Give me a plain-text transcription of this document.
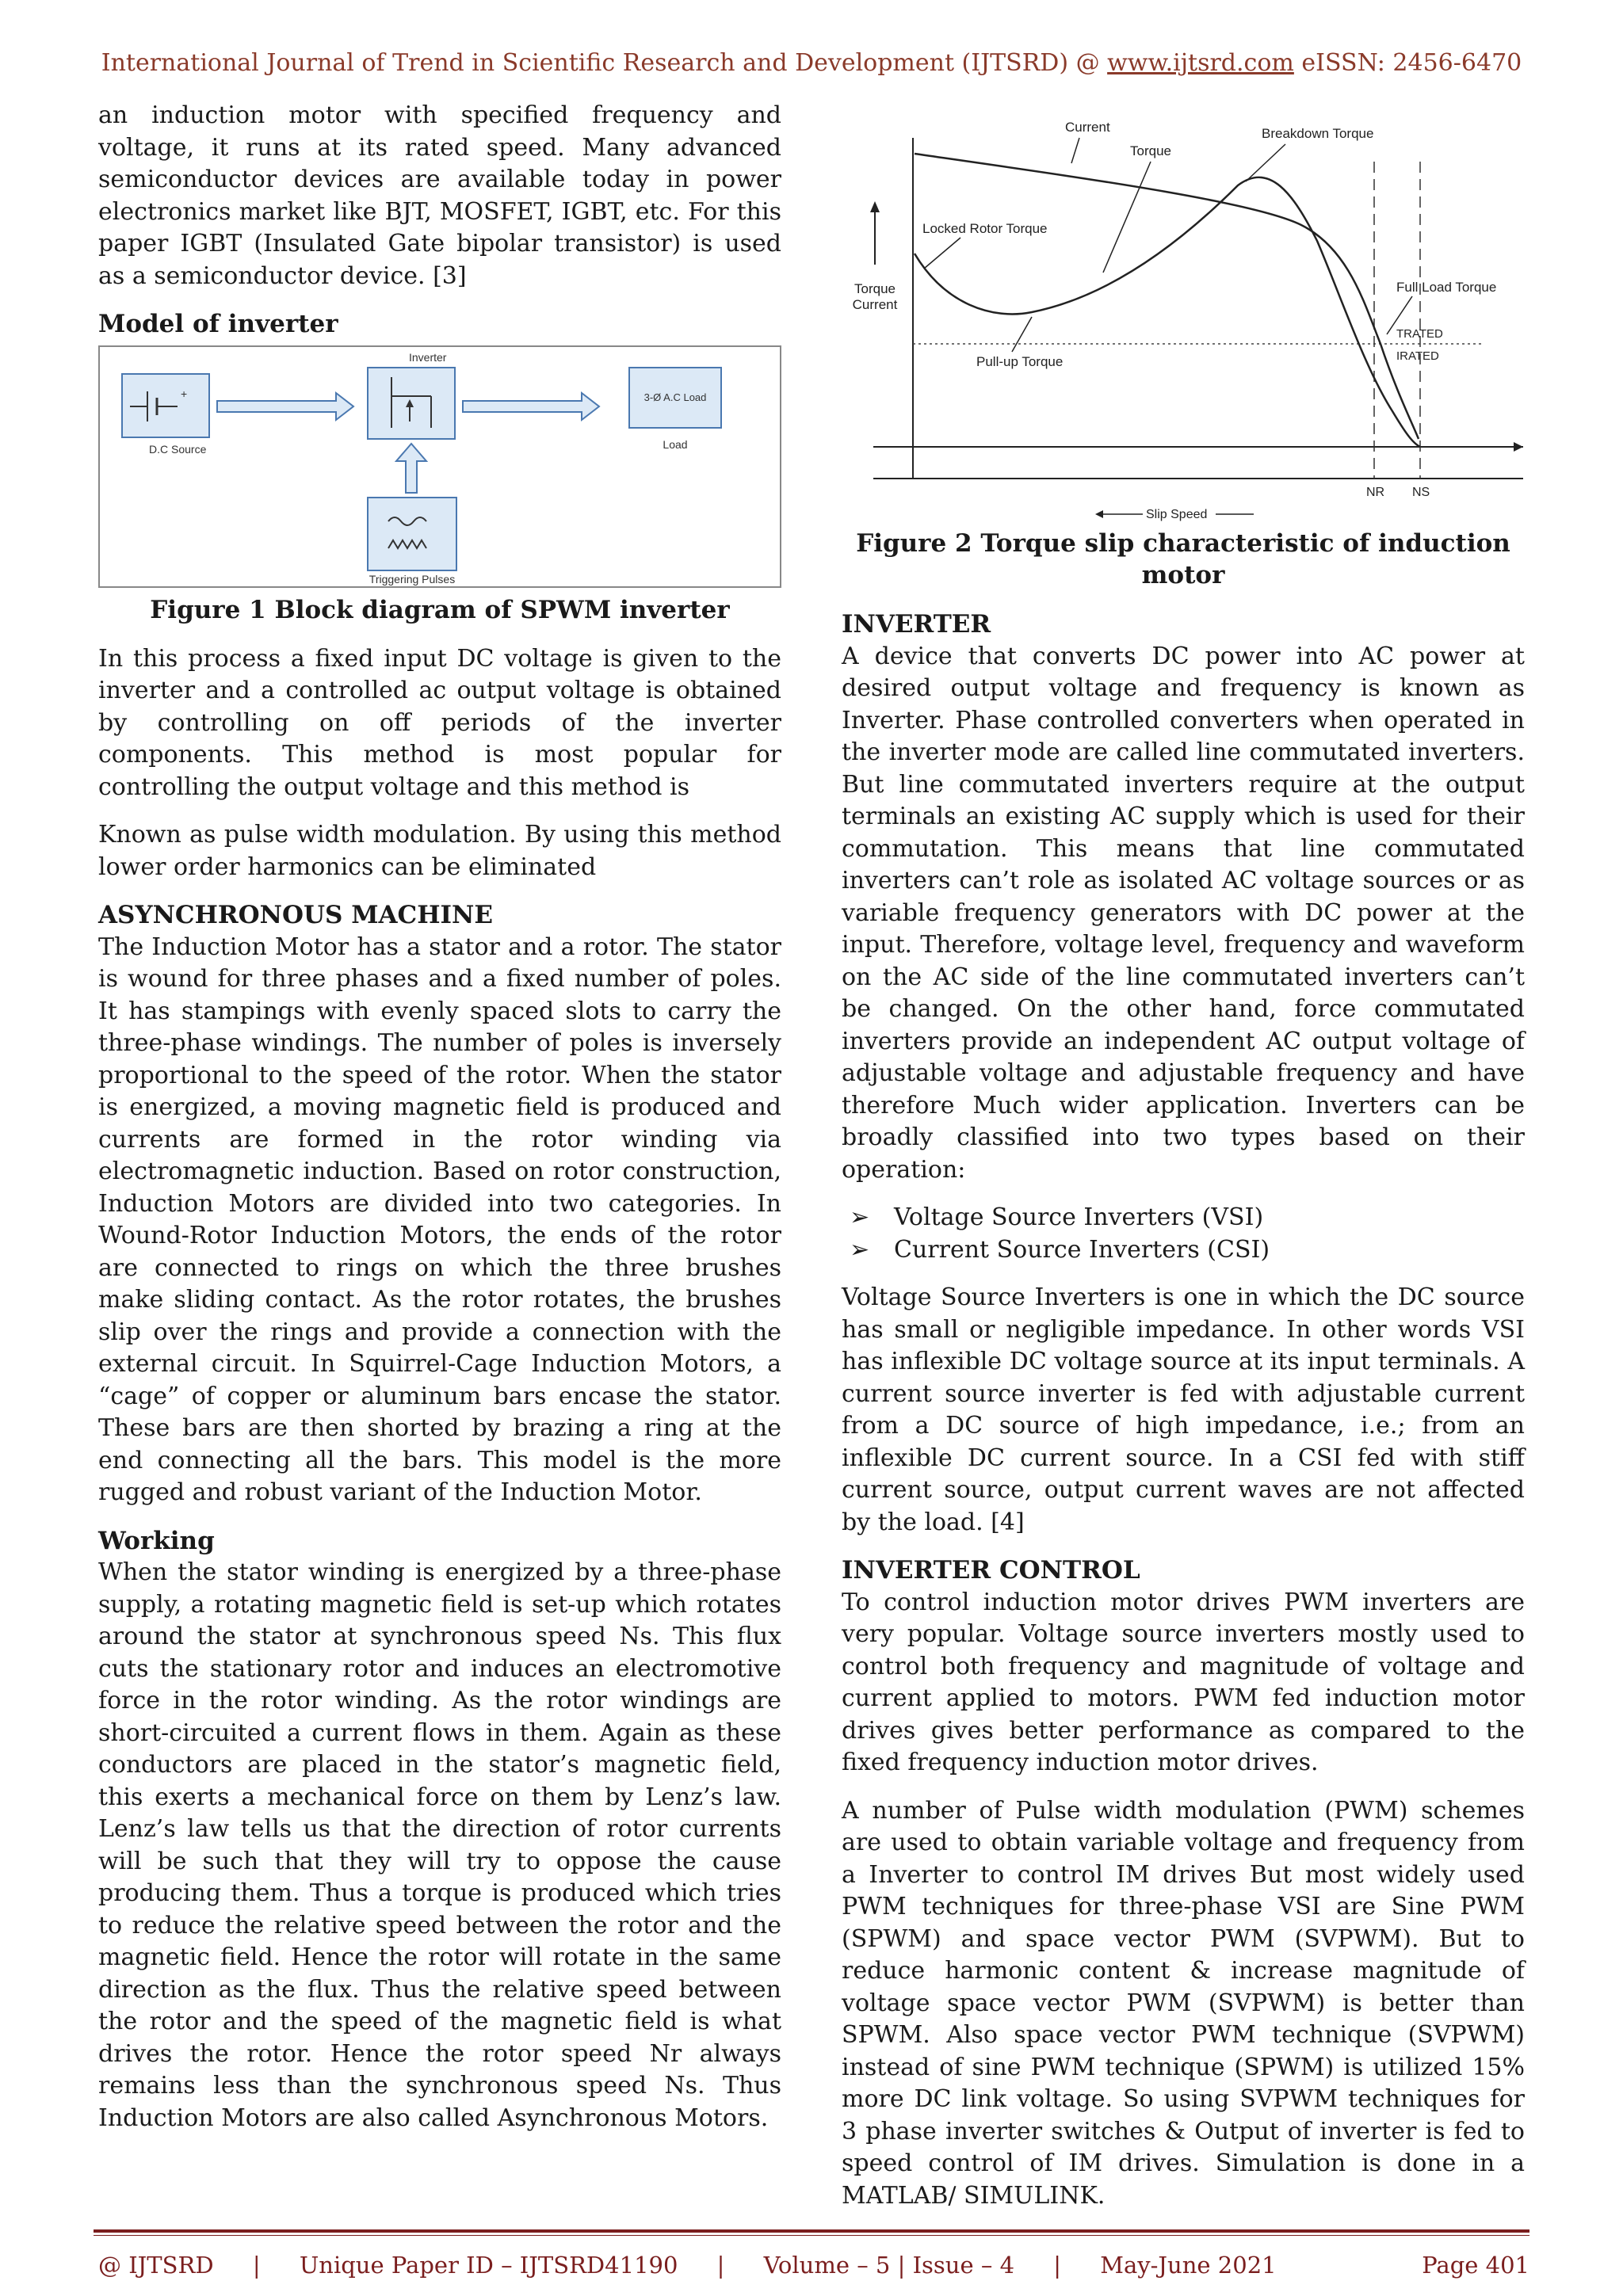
International Journal of Trend in Scientific Research and Development (IJTSRD) @ www.ijtsrd.com eISSN: 2456-6470

an induction motor with specified frequency and voltage, it runs at its rated speed. Many advanced semiconductor devices are available today in power electronics market like BJT, MOSFET, IGBT, etc. For this paper IGBT (Insulated Gate bipolar transistor) is used as a semiconductor device. [3]

Model of inverter
+
D.C Source
Inverter
3-Ø A.C Load
Load
Triggering Pulses
Figure 1 Block diagram of SPWM inverter

In this process a fixed input DC voltage is given to the inverter and a controlled ac output voltage is obtained by controlling on off periods of the inverter components. This method is most popular for controlling the output voltage and this method is

Known as pulse width modulation. By using this method lower order harmonics can be eliminated

ASYNCHRONOUS MACHINE

The Induction Motor has a stator and a rotor. The stator is wound for three phases and a fixed number of poles. It has stampings with evenly spaced slots to carry the three-phase windings. The number of poles is inversely proportional to the speed of the rotor. When the stator is energized, a moving magnetic field is produced and currents are formed in the rotor winding via electromagnetic induction. Based on rotor construction, Induction Motors are divided into two categories. In Wound-Rotor Induction Motors, the ends of the rotor are connected to rings on which the three brushes make sliding contact. As the rotor rotates, the brushes slip over the rings and provide a connection with the external circuit. In Squirrel-Cage Induction Motors, a “cage” of copper or aluminum bars encase the stator. These bars are then shorted by brazing a ring at the end connecting all the bars. This model is the more rugged and robust variant of the Induction Motor.

Working

When the stator winding is energized by a three-phase supply, a rotating magnetic field is set-up which rotates around the stator at synchronous speed Ns. This flux cuts the stationary rotor and induces an electromotive force in the rotor winding. As the rotor windings are short-circuited a current flows in them. Again as these conductors are placed in the stator’s magnetic field, this exerts a mechanical force on them by Lenz’s law. Lenz’s law tells us that the direction of rotor currents will be such that they will try to oppose the cause producing them. Thus a torque is produced which tries to reduce the relative speed between the rotor and the magnetic field. Hence the rotor will rotate in the same direction as the flux. Thus the relative speed between the rotor and the speed of the magnetic field is what drives the rotor. Hence the rotor speed Nr always remains less than the synchronous speed Ns. Thus Induction Motors are also called Asynchronous Motors.

Torque
Current
Current
Torque
Breakdown Torque
Locked Rotor Torque
Full Load Torque
TRATED
IRATED
Pull-up Torque
NR NS
Slip Speed
Figure 2 Torque slip characteristic of induction motor
INVERTER

A device that converts DC power into AC power at desired output voltage and frequency is known as Inverter. Phase controlled converters when operated in the inverter mode are called line commutated inverters. But line commutated inverters require at the output terminals an existing AC supply which is used for their commutation. This means that line commutated inverters can’t role as isolated AC voltage sources or as variable frequency generators with DC power at the input. Therefore, voltage level, frequency and waveform on the AC side of the line commutated inverters can’t be changed. On the other hand, force commutated inverters provide an independent AC output voltage of adjustable voltage and adjustable frequency and have therefore Much wider application. Inverters can be broadly classified into two types based on their operation:

➢ Voltage Source Inverters (VSI)
➢ Current Source Inverters (CSI)

Voltage Source Inverters is one in which the DC source has small or negligible impedance. In other words VSI has inflexible DC voltage source at its input terminals. A current source inverter is fed with adjustable current from a DC source of high impedance, i.e.; from an inflexible DC current source. In a CSI fed with stiff current source, output current waves are not affected by the load. [4]

INVERTER CONTROL

To control induction motor drives PWM inverters are very popular. Voltage source inverters mostly used to control both frequency and magnitude of voltage and current applied to motors. PWM fed induction motor drives gives better performance as compared to the fixed frequency induction motor drives.

A number of Pulse width modulation (PWM) schemes are used to obtain variable voltage and frequency from a Inverter to control IM drives But most widely used PWM techniques for three-phase VSI are Sine PWM (SPWM) and space vector PWM (SVPWM). But to reduce harmonic content & increase magnitude of voltage space vector PWM (SVPWM) is better than SPWM. Also space vector PWM technique (SVPWM) instead of sine PWM technique (SPWM) is utilized 15% more DC link voltage. So using SVPWM techniques for 3 phase inverter switches & Output of inverter is fed to speed control of IM drives. Simulation is done in a MATLAB/ SIMULINK.

@ IJTSRD | Unique Paper ID – IJTSRD41190 | Volume – 5 | Issue – 4 | May-June 2021	Page 401
